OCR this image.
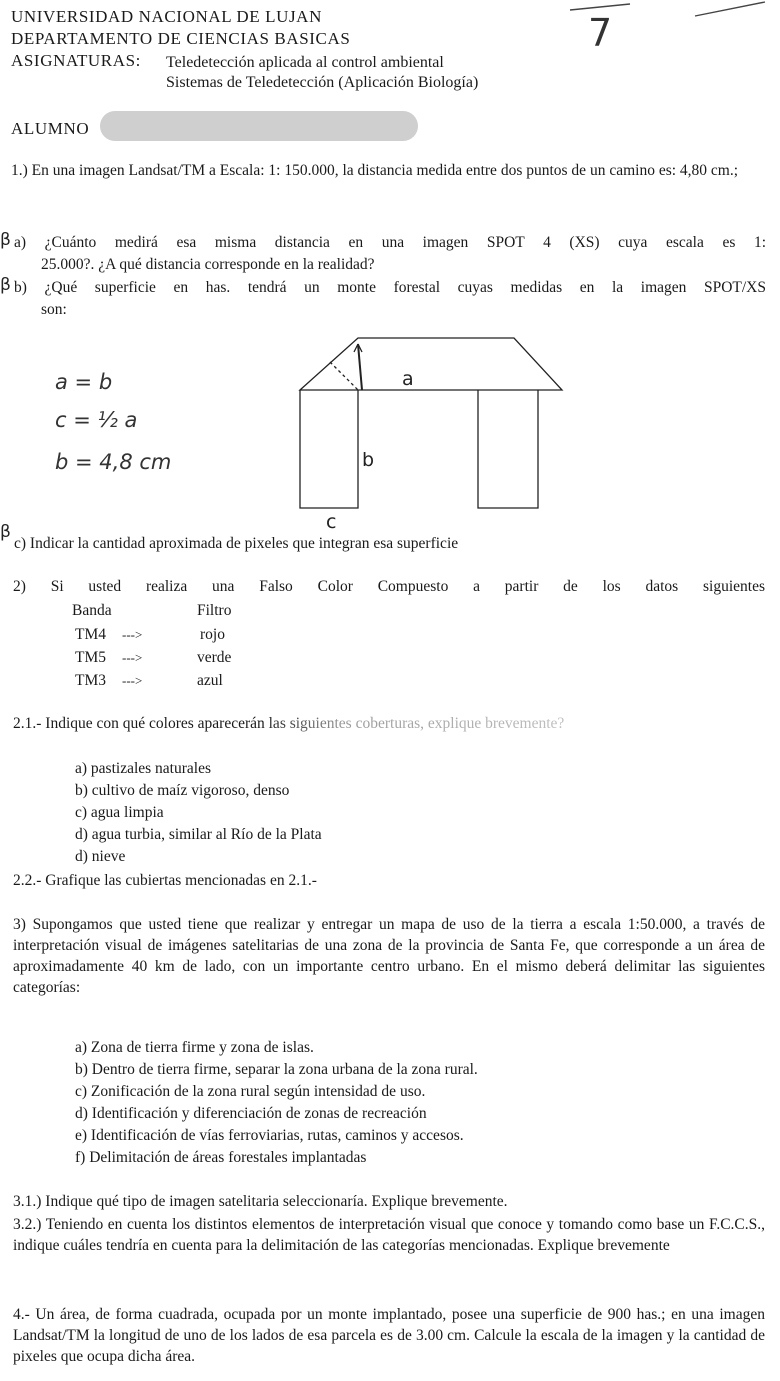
UNIVERSIDAD NACIONAL DE LUJAN
DEPARTAMENTO DE CIENCIAS BASICAS
ASIGNATURAS: Teledetección aplicada al control ambiental
Sistemas de Teledetección (Aplicación Biología)
7
ALUMNO
1.) En una imagen Landsat/TM a Escala: 1: 150.000, la distancia medida entre dos puntos de un camino es: 4,80 cm.;
β a) ¿Cuánto medirá esa misma distancia en una imagen SPOT 4 (XS) cuya escala es 1:
25.000?. ¿A qué distancia corresponde en la realidad?
β b) ¿Qué superficie en has. tendrá un monte forestal cuyas medidas en la imagen SPOT/XS
son:
a = b
c = ½ a
b = 4,8 cm
a
b
c
β
c) Indicar la cantidad aproximada de pixeles que integran esa superficie
2) Si usted realiza una Falso Color Compuesto a partir de los datos siguientes
Banda	Filtro
TM4 --->	rojo
TM5 --->	verde
TM3 --->	azul
2.1.- Indique con qué colores aparecerán las siguientes coberturas, explique brevemente?
a) pastizales naturales
b) cultivo de maíz vigoroso, denso
c) agua limpia
d) agua turbia, similar al Río de la Plata
d) nieve
2.2.- Grafique las cubiertas mencionadas en 2.1.-
3) Supongamos que usted tiene que realizar y entregar un mapa de uso de la tierra a escala 1:50.000, a través de interpretación visual de imágenes satelitarias de una zona de la provincia de Santa Fe, que corresponde a un área de aproximadamente 40 km de lado, con un importante centro urbano. En el mismo deberá delimitar las siguientes categorías:
a) Zona de tierra firme y zona de islas.
b) Dentro de tierra firme, separar la zona urbana de la zona rural.
c) Zonificación de la zona rural según intensidad de uso.
d) Identificación y diferenciación de zonas de recreación
e) Identificación de vías ferroviarias, rutas, caminos y accesos.
f) Delimitación de áreas forestales implantadas
3.1.) Indique qué tipo de imagen satelitaria seleccionaría. Explique brevemente.
3.2.) Teniendo en cuenta los distintos elementos de interpretación visual que conoce y tomando como base un F.C.C.S., indique cuáles tendría en cuenta para la delimitación de las categorías mencionadas. Explique brevemente
4.- Un área, de forma cuadrada, ocupada por un monte implantado, posee una superficie de 900 has.; en una imagen Landsat/TM la longitud de uno de los lados de esa parcela es de 3.00 cm. Calcule la escala de la imagen y la cantidad de pixeles que ocupa dicha área.
